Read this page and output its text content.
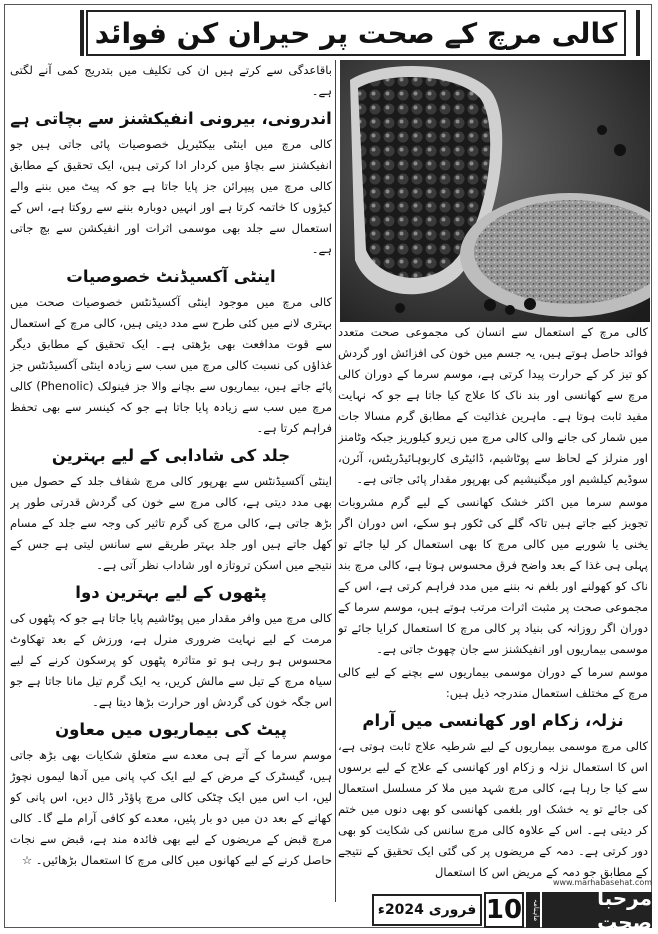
کالی مرچ کے صحت پر حیران کن فوائد

باقاعدگی سے کرتے ہیں ان کی تکلیف میں بتدریج کمی آنے لگتی ہے۔

اندرونی، بیرونی انفیکشنز سے بچاتی ہے

کالی مرچ میں اینٹی بیکٹیریل خصوصیات پائی جاتی ہیں جو انفیکشنز سے بچاؤ میں کردار ادا کرتی ہیں، ایک تحقیق کے مطابق کالی مرچ میں پیپرائن جز پایا جاتا ہے جو کہ پیٹ میں بننے والے کیڑوں کا خاتمہ کرتا ہے اور انہیں دوبارہ بننے سے روکتا ہے، اس کے استعمال سے جلد بھی موسمی اثرات اور انفیکشن سے بچ جاتی ہے۔

اینٹی آکسیڈنٹ خصوصیات

کالی مرچ میں موجود اینٹی آکسیڈنٹس خصوصیات صحت میں بہتری لانے میں کئی طرح سے مدد دیتی ہیں، کالی مرچ کے استعمال سے قوت مدافعت بھی بڑھتی ہے۔ ایک تحقیق کے مطابق دیگر غذاؤں کی نسبت کالی مرچ میں سب سے زیادہ اینٹی آکسیڈنٹس جز پائے جاتے ہیں، بیماریوں سے بچانے والا جز فینولک (Phenolic) کالی مرچ میں سب سے زیادہ پایا جاتا ہے جو کہ کینسر سے بھی تحفظ فراہم کرتا ہے۔

جلد کی شادابی کے لیے بہترین

اینٹی آکسیڈنٹس سے بھرپور کالی مرچ شفاف جلد کے حصول میں بھی مدد دیتی ہے، کالی مرچ سے خون کی گردش قدرتی طور پر بڑھ جاتی ہے، کالی مرچ کی گرم تاثیر کی وجہ سے جلد کے مسام کھل جاتے ہیں اور جلد بہتر طریقے سے سانس لیتی ہے جس کے نتیجے میں اسکن تروتازہ اور شاداب نظر آتی ہے۔

پٹھوں کے لیے بہترین دوا

کالی مرچ میں وافر مقدار میں پوٹاشیم پایا جاتا ہے جو کہ پٹھوں کی مرمت کے لیے نہایت ضروری منرل ہے، ورزش کے بعد تھکاوٹ محسوس ہو رہی ہو تو متاثرہ پٹھوں کو پرسکون کرنے کے لیے سیاہ مرچ کے تیل سے مالش کریں، یہ ایک گرم تیل مانا جاتا ہے جو اس جگہ خون کی گردش اور حرارت بڑھا دیتا ہے۔

پیٹ کی بیماریوں میں معاون

موسم سرما کے آتے ہی معدے سے متعلق شکایات بھی بڑھ جاتی ہیں، گیسٹرک کے مرض کے لیے ایک کپ پانی میں آدھا لیموں نچوڑ لیں، اب اس میں ایک چٹکی کالی مرچ پاؤڈر ڈال دیں، اس پانی کو کھانے کے بعد دن میں دو بار پئیں، معدے کو کافی آرام ملے گا۔ کالی مرچ قبض کے مریضوں کے لیے بھی فائدہ مند ہے، قبض سے نجات حاصل کرنے کے لیے کھانوں میں کالی مرچ کا استعمال بڑھائیں۔ ☆

کالی مرچ کے استعمال سے انسان کی مجموعی صحت متعدد فوائد حاصل ہوتے ہیں، یہ جسم میں خون کی افزائش اور گردش کو تیز کر کے حرارت پیدا کرتی ہے، موسم سرما کے دوران کالی مرچ سے کھانسی اور بند ناک کا علاج کیا جاتا ہے جو کہ نہایت مفید ثابت ہوتا ہے۔ ماہرین غذائیت کے مطابق گرم مسالا جات میں شمار کی جانے والی کالی مرچ میں زیرو کیلوریز جبکہ وٹامنز اور منرلز کے لحاظ سے پوٹاشیم، ڈائیٹری کاربوہائیڈریٹس، آئرن، سوڈیم کیلشیم اور میگنیشیم کی بھرپور مقدار پائی جاتی ہے۔

موسم سرما میں اکثر خشک کھانسی کے لیے گرم مشروبات تجویز کیے جاتے ہیں تاکہ گلے کی ٹکور ہو سکے، اس دوران اگر یخنی یا شوربے میں کالی مرچ کا بھی استعمال کر لیا جائے تو پہلی ہی غذا کے بعد واضح فرق محسوس ہوتا ہے، کالی مرچ بند ناک کو کھولنے اور بلغم نہ بننے میں مدد فراہم کرتی ہے، اس کے مجموعی صحت پر مثبت اثرات مرتب ہوتے ہیں، موسم سرما کے دوران اگر روزانہ کی بنیاد پر کالی مرچ کا استعمال کرایا جائے تو موسمی بیماریوں اور انفیکشنز سے جان چھوٹ جاتی ہے۔

موسم سرما کے دوران موسمی بیماریوں سے بچنے کے لیے کالی مرچ کے مختلف استعمال مندرجہ ذیل ہیں:

نزلہ، زکام اور کھانسی میں آرام

کالی مرچ موسمی بیماریوں کے لیے شرطیہ علاج ثابت ہوتی ہے، اس کا استعمال نزلہ و زکام اور کھانسی کے علاج کے لیے برسوں سے کیا جا رہا ہے، کالی مرچ شہد میں ملا کر مسلسل استعمال کی جائے تو یہ خشک اور بلغمی کھانسی کو بھی دنوں میں ختم کر دیتی ہے۔ اس کے علاوہ کالی مرچ سانس کی شکایت کو بھی دور کرتی ہے۔ دمہ کے مریضوں پر کی گئی ایک تحقیق کے نتیجے کے مطابق جو دمہ کے مریض اس کا استعمال

www.marhabasehat.com
مرحبا صحت
ماہنامہ
10
فروری 2024ء
